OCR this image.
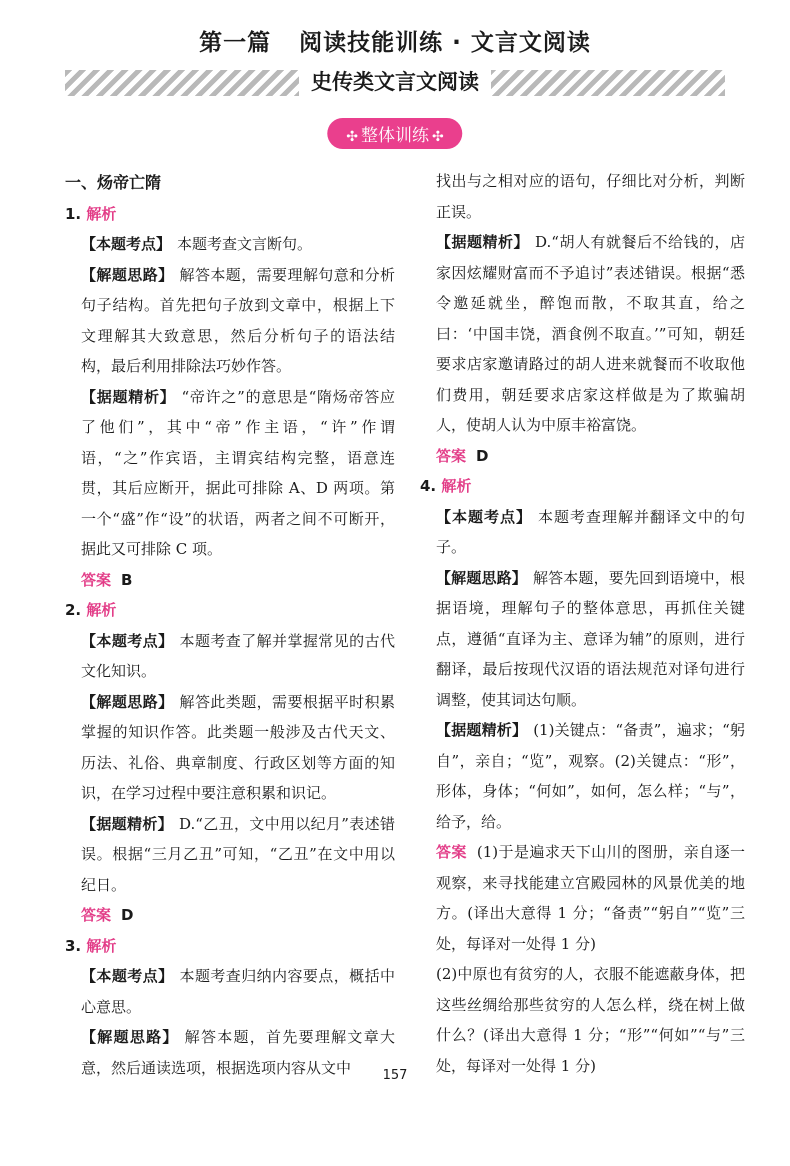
第一篇 阅读技能训练 · 文言文阅读
史传类文言文阅读
✣ 整体训练 ✣

一、炀帝亡隋

1. 解析

【本题考点】 本题考查文言断句。

【解题思路】 解答本题，需要理解句意和分析句子结构。首先把句子放到文章中，根据上下文理解其大致意思，然后分析句子的语法结构，最后利用排除法巧妙作答。

【据题精析】 “帝许之”的意思是“隋炀帝答应了他们”，其中“帝”作主语，“许”作谓语，“之”作宾语，主谓宾结构完整，语意连贯，其后应断开，据此可排除 A、D 两项。第一个“盛”作“设”的状语，两者之间不可断开，据此又可排除 C 项。

答案 B

2. 解析

【本题考点】 本题考查了解并掌握常见的古代文化知识。

【解题思路】 解答此类题，需要根据平时积累掌握的知识作答。此类题一般涉及古代天文、历法、礼俗、典章制度、行政区划等方面的知识，在学习过程中要注意积累和识记。

【据题精析】 D.“乙丑，文中用以纪月”表述错误。根据“三月乙丑”可知，“乙丑”在文中用以纪日。

答案 D

3. 解析

【本题考点】 本题考查归纳内容要点，概括中心意思。

【解题思路】 解答本题，首先要理解文章大意，然后通读选项，根据选项内容从文中

找出与之相对应的语句，仔细比对分析，判断正误。

【据题精析】 D.“胡人有就餐后不给钱的，店家因炫耀财富而不予追讨”表述错误。根据“悉令邀延就坐，醉饱而散，不取其直，给之曰：‘中国丰饶，酒食例不取直。’”可知，朝廷要求店家邀请路过的胡人进来就餐而不收取他们费用，朝廷要求店家这样做是为了欺骗胡人，使胡人认为中原丰裕富饶。

答案 D

4. 解析

【本题考点】 本题考查理解并翻译文中的句子。

【解题思路】 解答本题，要先回到语境中，根据语境，理解句子的整体意思，再抓住关键点，遵循“直译为主、意译为辅”的原则，进行翻译，最后按现代汉语的语法规范对译句进行调整，使其词达句顺。

【据题精析】 (1)关键点：“备责”，遍求；“躬自”，亲自；“览”，观察。(2)关键点：“形”，形体，身体；“何如”，如何，怎么样；“与”，给予，给。

答案 (1)于是遍求天下山川的图册，亲自逐一观察，来寻找能建立宫殿园林的风景优美的地方。(译出大意得 1 分；“备责”“躬自”“览”三处，每译对一处得 1 分)

(2)中原也有贫穷的人，衣服不能遮蔽身体，把这些丝绸给那些贫穷的人怎么样，绕在树上做什么？(译出大意得 1 分；“形”“何如”“与”三处，每译对一处得 1 分)

157
